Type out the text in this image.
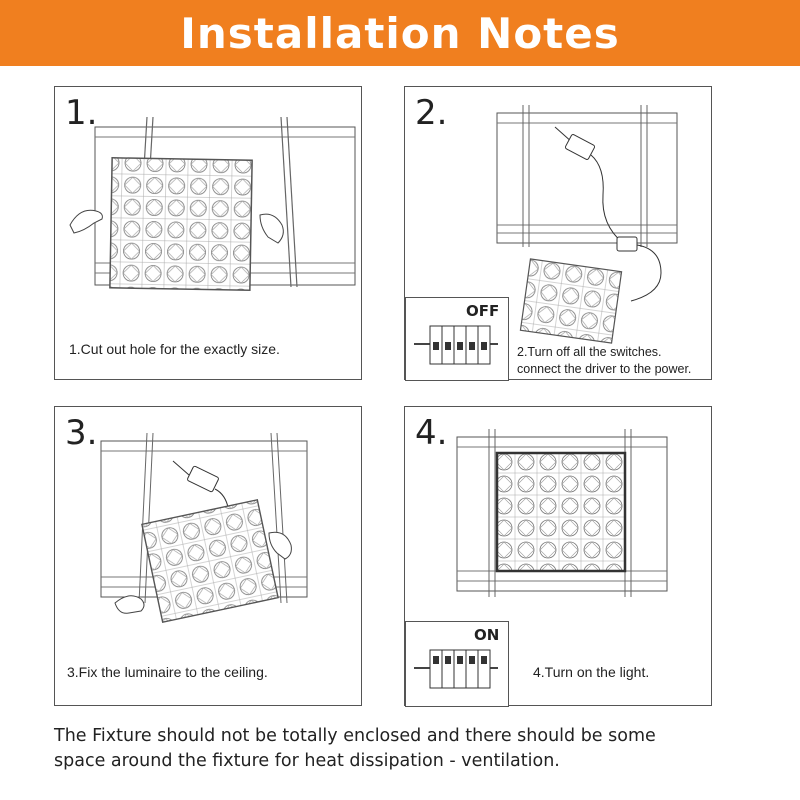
Installation Notes
1.
1.Cut out hole for the exactly size.
2.
OFF
2.Turn off all the switches.
connect the driver to the power.
3.
3.Fix the luminaire to the ceiling.
4.
ON
4.Turn on the light.
The Fixture should not be totally enclosed and there should be some
space around the fixture for heat dissipation - ventilation.
